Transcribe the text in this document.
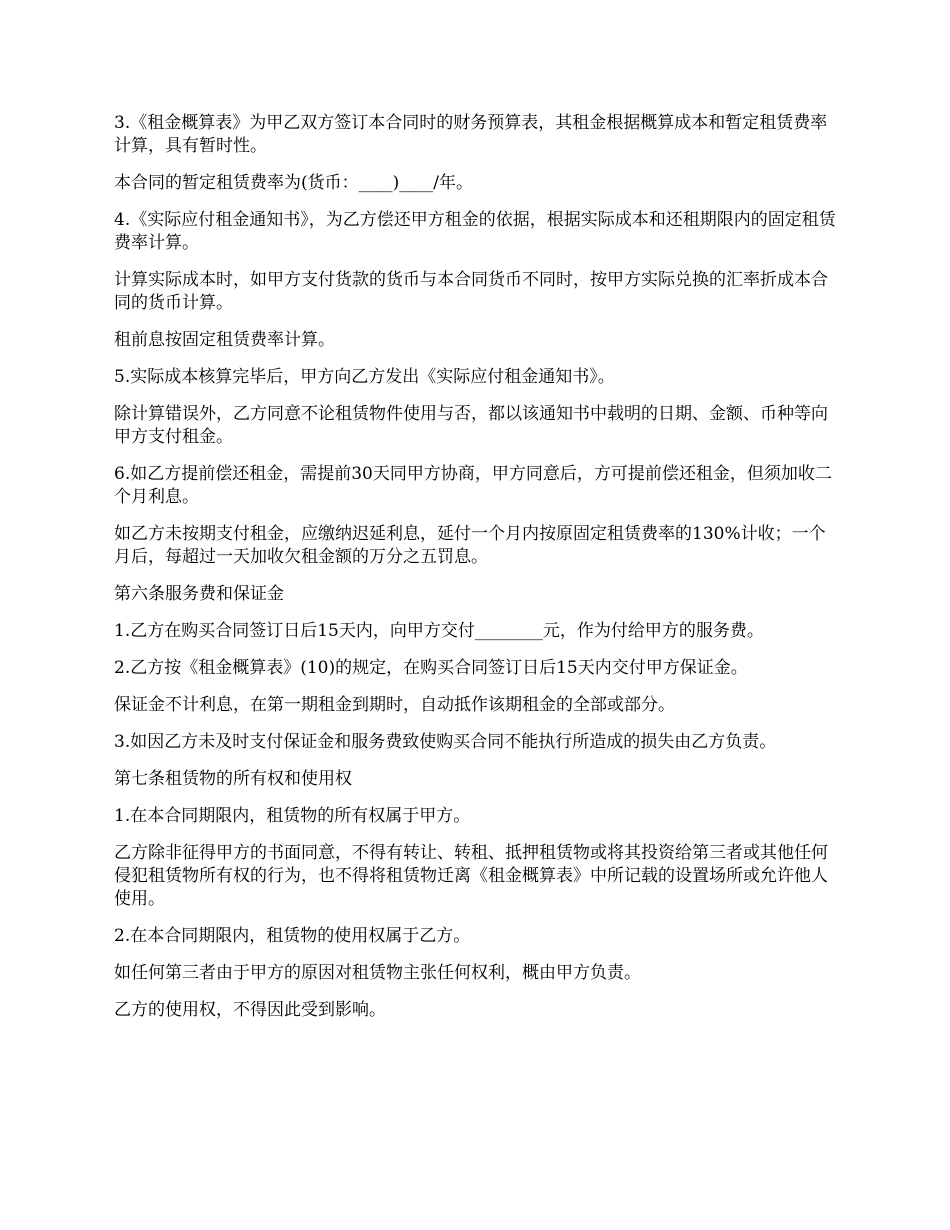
3.《租金概算表》为甲乙双方签订本合同时的财务预算表，其租金根据概算成本和暂定租赁费率计算，具有暂时性。

本合同的暂定租赁费率为(货币：____)____/年。

4.《实际应付租金通知书》，为乙方偿还甲方租金的依据，根据实际成本和还租期限内的固定租赁费率计算。

计算实际成本时，如甲方支付货款的货币与本合同货币不同时，按甲方实际兑换的汇率折成本合同的货币计算。

租前息按固定租赁费率计算。

5.实际成本核算完毕后，甲方向乙方发出《实际应付租金通知书》。

除计算错误外，乙方同意不论租赁物件使用与否，都以该通知书中载明的日期、金额、币种等向甲方支付租金。

6.如乙方提前偿还租金，需提前30天同甲方协商，甲方同意后，方可提前偿还租金，但须加收二个月利息。

如乙方未按期支付租金，应缴纳迟延利息，延付一个月内按原固定租赁费率的130%计收；一个月后，每超过一天加收欠租金额的万分之五罚息。

第六条服务费和保证金

1.乙方在购买合同签订日后15天内，向甲方交付________元，作为付给甲方的服务费。

2.乙方按《租金概算表》(10)的规定，在购买合同签订日后15天内交付甲方保证金。

保证金不计利息，在第一期租金到期时，自动抵作该期租金的全部或部分。

3.如因乙方未及时支付保证金和服务费致使购买合同不能执行所造成的损失由乙方负责。

第七条租赁物的所有权和使用权

1.在本合同期限内，租赁物的所有权属于甲方。

乙方除非征得甲方的书面同意，不得有转让、转租、抵押租赁物或将其投资给第三者或其他任何侵犯租赁物所有权的行为，也不得将租赁物迁离《租金概算表》中所记载的设置场所或允许他人使用。

2.在本合同期限内，租赁物的使用权属于乙方。

如任何第三者由于甲方的原因对租赁物主张任何权利，概由甲方负责。

乙方的使用权，不得因此受到影响。
